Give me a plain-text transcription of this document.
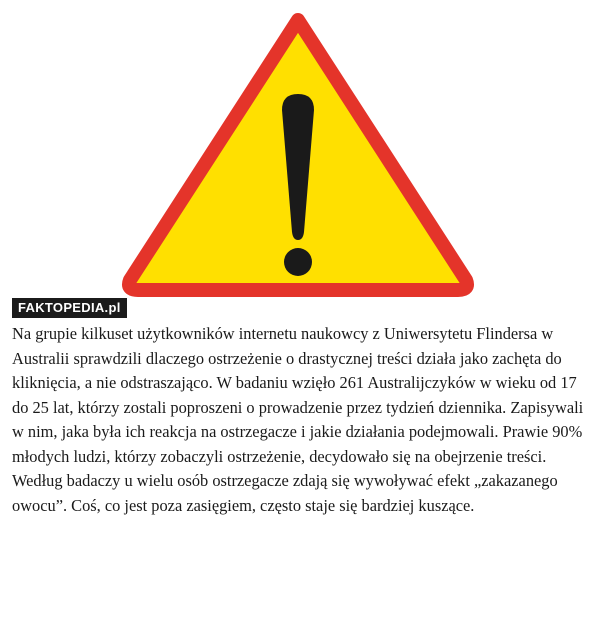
FAKTOPEDIA.pl

Na grupie kilkuset użytkowników internetu naukowcy z Uniwersytetu Flindersa w Australii sprawdzili dlaczego ostrzeżenie o drastycznej treści działa jako zachęta do kliknięcia, a nie odstraszająco. W badaniu wzięło 261 Australijczyków w wieku od 17 do 25 lat, którzy zostali poproszeni o prowadzenie przez tydzień dziennika. Zapisywali w nim, jaka była ich reakcja na ostrzegacze i jakie działania podejmowali. Prawie 90% młodych ludzi, którzy zobaczyli ostrzeżenie, decydowało się na obejrzenie treści.

Według badaczy u wielu osób ostrzegacze zdają się wywoływać efekt „zakazanego owocu”. Coś, co jest poza zasięgiem, często staje się bardziej kuszące.
